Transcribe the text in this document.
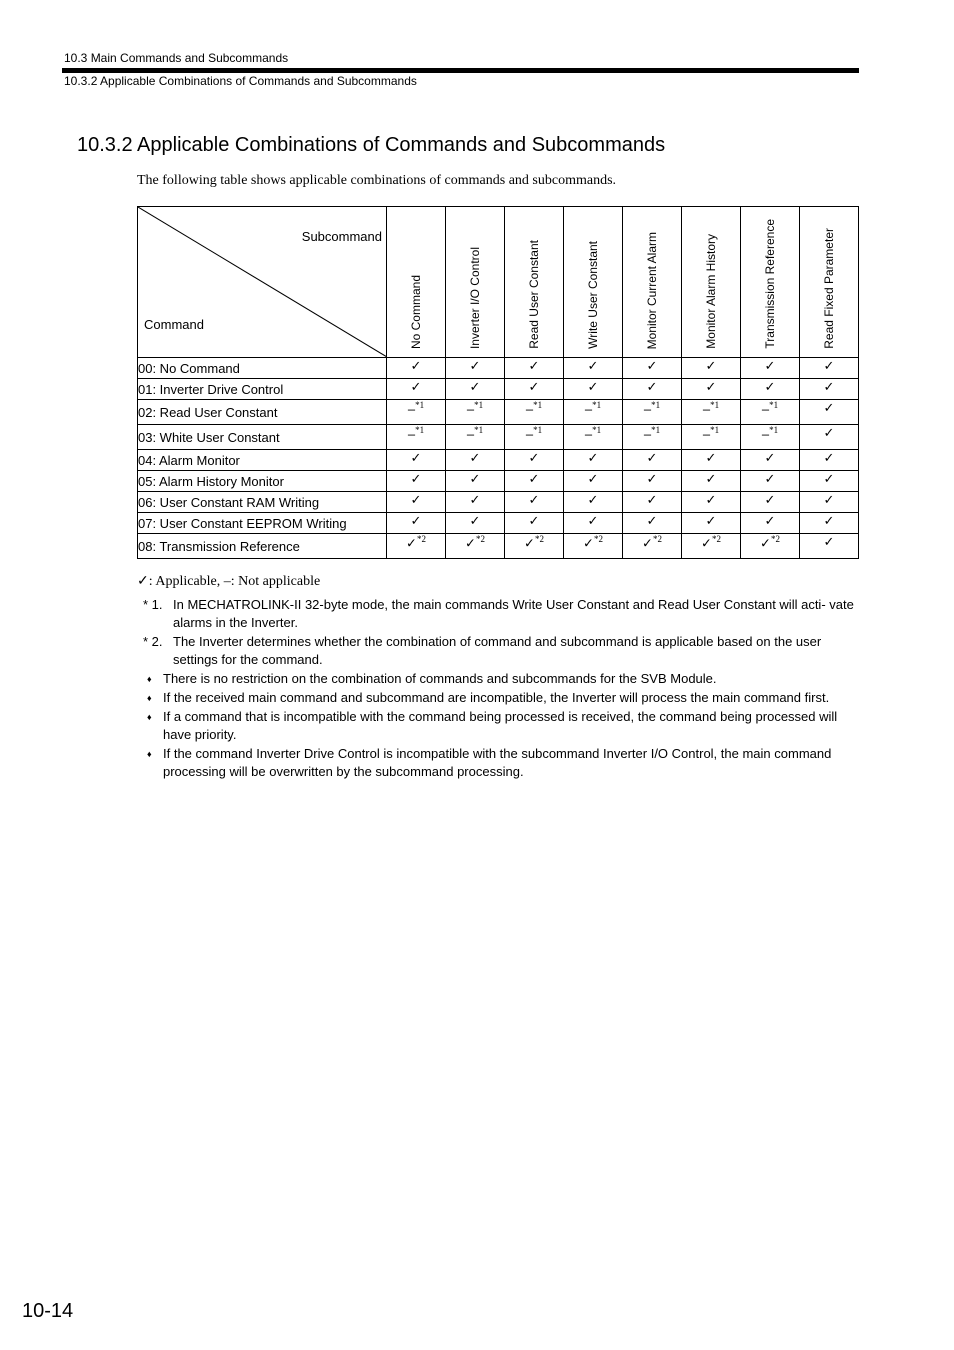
10.3 Main Commands and Subcommands
10.3.2 Applicable Combinations of Commands and Subcommands
10.3.2 Applicable Combinations of Commands and Subcommands
The following table shows applicable combinations of commands and subcommands.
Subcommand
Command	No Command	Inverter I/O Control	Read User Constant	Write User Constant	Monitor Current Alarm	Monitor Alarm History	Transmission Reference	Read Fixed Parameter

00: No Command	✓	✓	✓	✓	✓	✓	✓	✓
01: Inverter Drive Control	✓	✓	✓	✓	✓	✓	✓	✓
02: Read User Constant	–$^{*1}$	–$^{*1}$	–$^{*1}$	–$^{*1}$	–$^{*1}$	–$^{*1}$	–$^{*1}$	✓
03: White User Constant	–$^{*1}$	–$^{*1}$	–$^{*1}$	–$^{*1}$	–$^{*1}$	–$^{*1}$	–$^{*1}$	✓
04: Alarm Monitor	✓	✓	✓	✓	✓	✓	✓	✓
05: Alarm History Monitor	✓	✓	✓	✓	✓	✓	✓	✓
06: User Constant RAM Writing	✓	✓	✓	✓	✓	✓	✓	✓
07: User Constant EEPROM Writing	✓	✓	✓	✓	✓	✓	✓	✓
08: Transmission Reference	✓$^{*2}$	✓$^{*2}$	✓$^{*2}$	✓$^{*2}$	✓$^{*2}$	✓$^{*2}$	✓$^{*2}$	✓
✓: Applicable, –: Not applicable
* 1. In MECHATROLINK-II 32-byte mode, the main commands Write User Constant and Read User Constant will acti- vate alarms in the Inverter.
* 2. The Inverter determines whether the combination of command and subcommand is applicable based on the user settings for the command.
♦ There is no restriction on the combination of commands and subcommands for the SVB Module.
♦ If the received main command and subcommand are incompatible, the Inverter will process the main command first.
♦ If a command that is incompatible with the command being processed is received, the command being processed will have priority.
♦ If the command Inverter Drive Control is incompatible with the subcommand Inverter I/O Control, the main command processing will be overwritten by the subcommand processing.
10-14
